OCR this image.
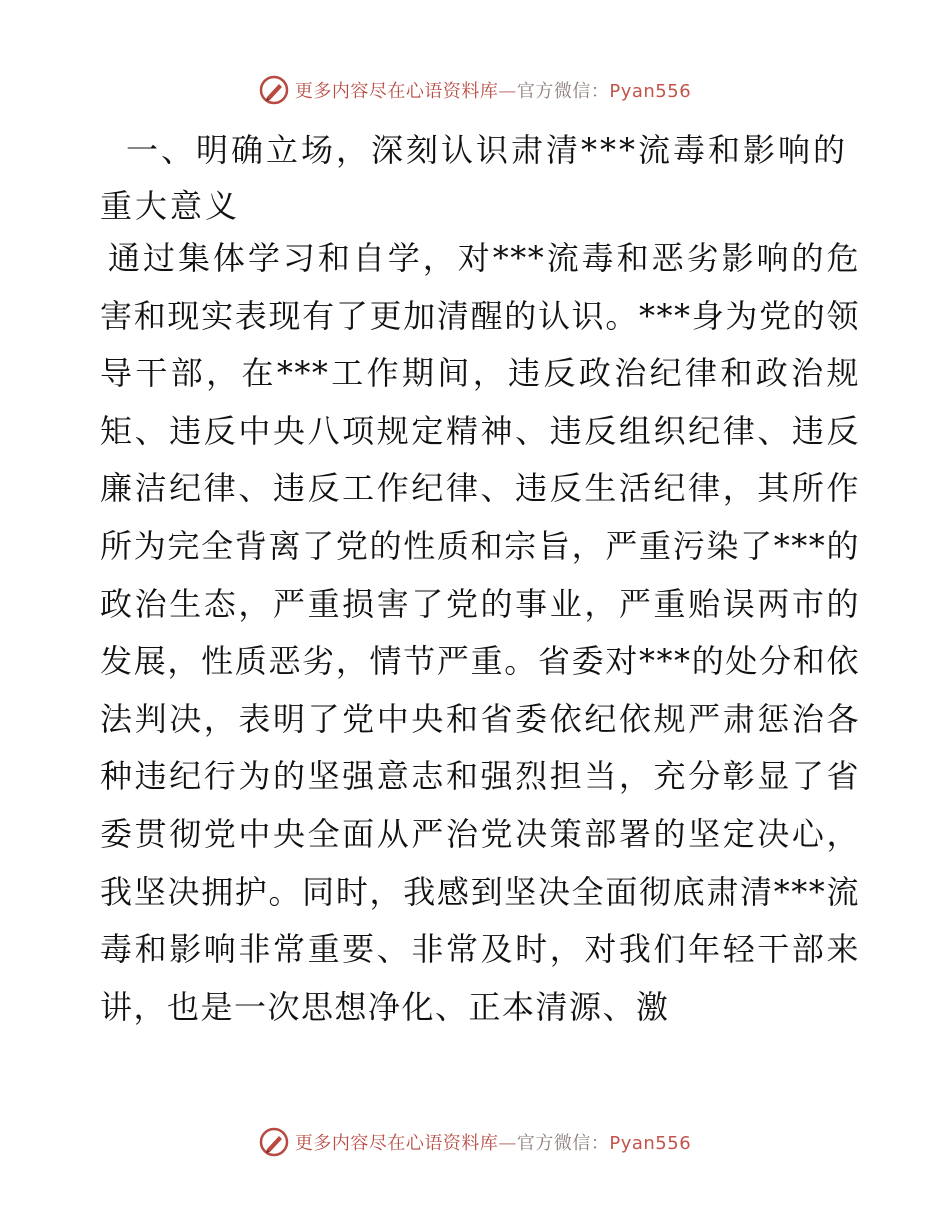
更多内容尽在心语资料库—官方微信：Pyan556
一、明确立场，深刻认识肃清***流毒和影响的重大意义

通过集体学习和自学，对***流毒和恶劣影响的危害和现实表现有了更加清醒的认识。***身为党的领导干部，在***工作期间，违反政治纪律和政治规矩、违反中央八项规定精神、违反组织纪律、违反廉洁纪律、违反工作纪律、违反生活纪律，其所作所为完全背离了党的性质和宗旨，严重污染了***的政治生态，严重损害了党的事业，严重贻误两市的发展，性质恶劣，情节严重。省委对***的处分和依法判决，表明了党中央和省委依纪依规严肃惩治各种违纪行为的坚强意志和强烈担当，充分彰显了省委贯彻党中央全面从严治党决策部署的坚定决心，我坚决拥护。同时，我感到坚决全面彻底肃清***流毒和影响非常重要、非常及时，对我们年轻干部来讲，也是一次思想净化、正本清源、激

更多内容尽在心语资料库—官方微信：Pyan556
